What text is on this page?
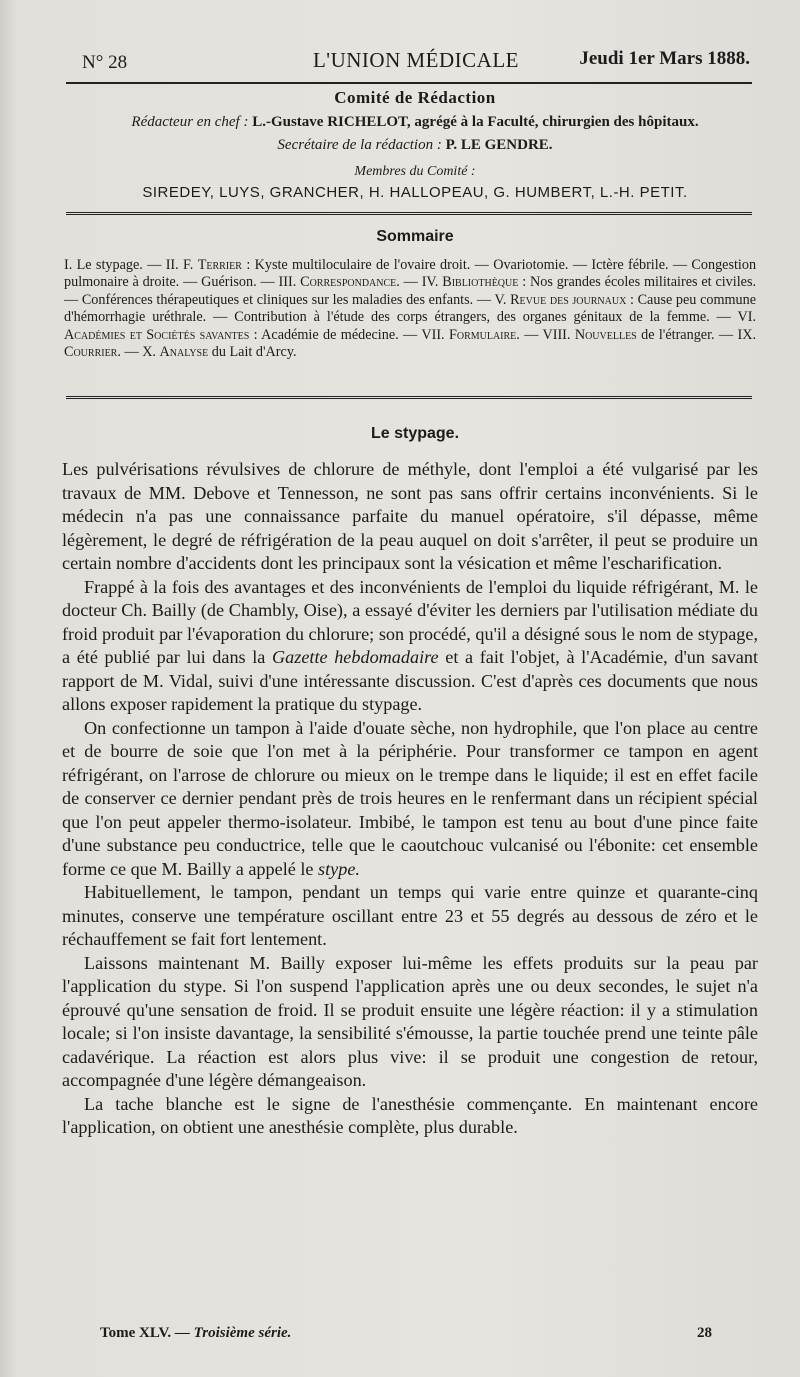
N° 28	L'UNION MÉDICALE	Jeudi 1er Mars 1888.
Comité de Rédaction
Rédacteur en chef : L.-Gustave RICHELOT, agrégé à la Faculté, chirurgien des hôpitaux.
Secrétaire de la rédaction : P. LE GENDRE.
Membres du Comité :
SIREDEY, LUYS, GRANCHER, H. HALLOPEAU, G. HUMBERT, L.-H. PETIT.
Sommaire
I. Le stypage. — II. F. Terrier : Kyste multiloculaire de l'ovaire droit. — Ovariotomie. — Ictère fébrile. — Congestion pulmonaire à droite. — Guérison. — III. Correspondance. — IV. Bibliothèque : Nos grandes écoles militaires et civiles. — Conférences thérapeutiques et cliniques sur les maladies des enfants. — V. Revue des journaux : Cause peu commune d'hémorrhagie uréthrale. — Contribution à l'étude des corps étrangers, des organes génitaux de la femme. — VI. Académies et Sociétés savantes : Académie de médecine. — VII. Formulaire. — VIII. Nouvelles de l'étranger. — IX. Courrier. — X. Analyse du Lait d'Arcy.
Le stypage.

Les pulvérisations révulsives de chlorure de méthyle, dont l'emploi a été vulgarisé par les travaux de MM. Debove et Tennesson, ne sont pas sans offrir certains inconvénients. Si le médecin n'a pas une connaissance parfaite du manuel opératoire, s'il dépasse, même légèrement, le degré de réfrigération de la peau auquel on doit s'arrêter, il peut se produire un certain nombre d'accidents dont les principaux sont la vésication et même l'escharification.

Frappé à la fois des avantages et des inconvénients de l'emploi du liquide réfrigérant, M. le docteur Ch. Bailly (de Chambly, Oise), a essayé d'éviter les derniers par l'utilisation médiate du froid produit par l'évaporation du chlorure; son procédé, qu'il a désigné sous le nom de stypage, a été publié par lui dans la Gazette hebdomadaire et a fait l'objet, à l'Académie, d'un savant rapport de M. Vidal, suivi d'une intéressante discussion. C'est d'après ces documents que nous allons exposer rapidement la pratique du stypage.

On confectionne un tampon à l'aide d'ouate sèche, non hydrophile, que l'on place au centre et de bourre de soie que l'on met à la périphérie. Pour transformer ce tampon en agent réfrigérant, on l'arrose de chlorure ou mieux on le trempe dans le liquide; il est en effet facile de conserver ce dernier pendant près de trois heures en le renfermant dans un récipient spécial que l'on peut appeler thermo-isolateur. Imbibé, le tampon est tenu au bout d'une pince faite d'une substance peu conductrice, telle que le caoutchouc vulcanisé ou l'ébonite: cet ensemble forme ce que M. Bailly a appelé le stype.

Habituellement, le tampon, pendant un temps qui varie entre quinze et quarante-cinq minutes, conserve une température oscillant entre 23 et 55 degrés au dessous de zéro et le réchauffement se fait fort lentement.

Laissons maintenant M. Bailly exposer lui-même les effets produits sur la peau par l'application du stype. Si l'on suspend l'application après une ou deux secondes, le sujet n'a éprouvé qu'une sensation de froid. Il se produit ensuite une légère réaction: il y a stimulation locale; si l'on insiste davantage, la sensibilité s'émousse, la partie touchée prend une teinte pâle cadavérique. La réaction est alors plus vive: il se produit une congestion de retour, accompagnée d'une légère démangeaison.

La tache blanche est le signe de l'anesthésie commençante. En maintenant encore l'application, on obtient une anesthésie complète, plus durable.

Tome XLV. — Troisième série.	28
